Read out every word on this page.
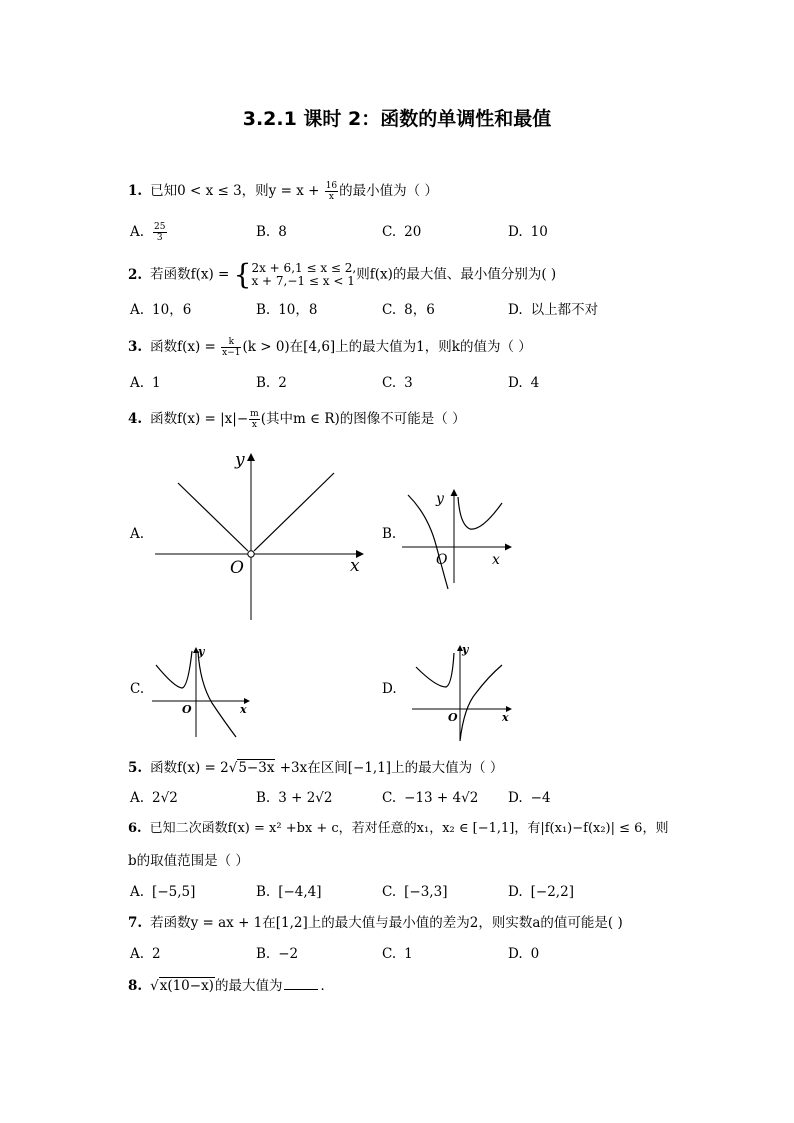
3.2.1 课时 2：函数的单调性和最值
1. 已知0 < x ≤ 3，则$y = x + \frac{16}{x}$ 的最小值为（ ）
A. $\frac{25}{3}$	B. 8	C. 20	D. 10
2. 若函数f(x) = { 2x + 6,1 ≤ x ≤ 2,
x + 7,−1 ≤ x < 1 则f(x)的最大值、最小值分别为( )
A. 10，6	B. 10，8	C. 8，6	D. 以上都不对
3. 函数$f(x) = \frac{k}{x-1} (k > 0)$在[4,6]上的最大值为1，则k的值为（ ）
A. 1	B. 2	C. 3	D. 4
4. 函数$f(x) = |x|- \frac{m}{x}$ (其中m ∈ R)的图像不可能是（ ）
A.	B.
C.	D.
y
x
O
y
x
O
y
x
O
y
x
O
5. 函数f(x) = 2√5−3x +3x在区间[−1,1]上的最大值为（ ）
A. 2√2	B. 3 + 2√2	C. −13 + 4√2 D. −4
6. 已知二次函数f(x) = x² +bx + c，若对任意的x₁，x₂ ∈ [−1,1]，有|f(x₁)−f(x₂)| ≤ 6，则
b的取值范围是（ ）
A. [−5,5]	B. [−4,4]	C. [−3,3]	D. [−2,2]
7. 若函数y = ax + 1在[1,2]上的最大值与最小值的差为2，则实数a的值可能是( )
A. 2	B. −2	C. 1	D. 0
8. √x(10−x)的最大值为	．
